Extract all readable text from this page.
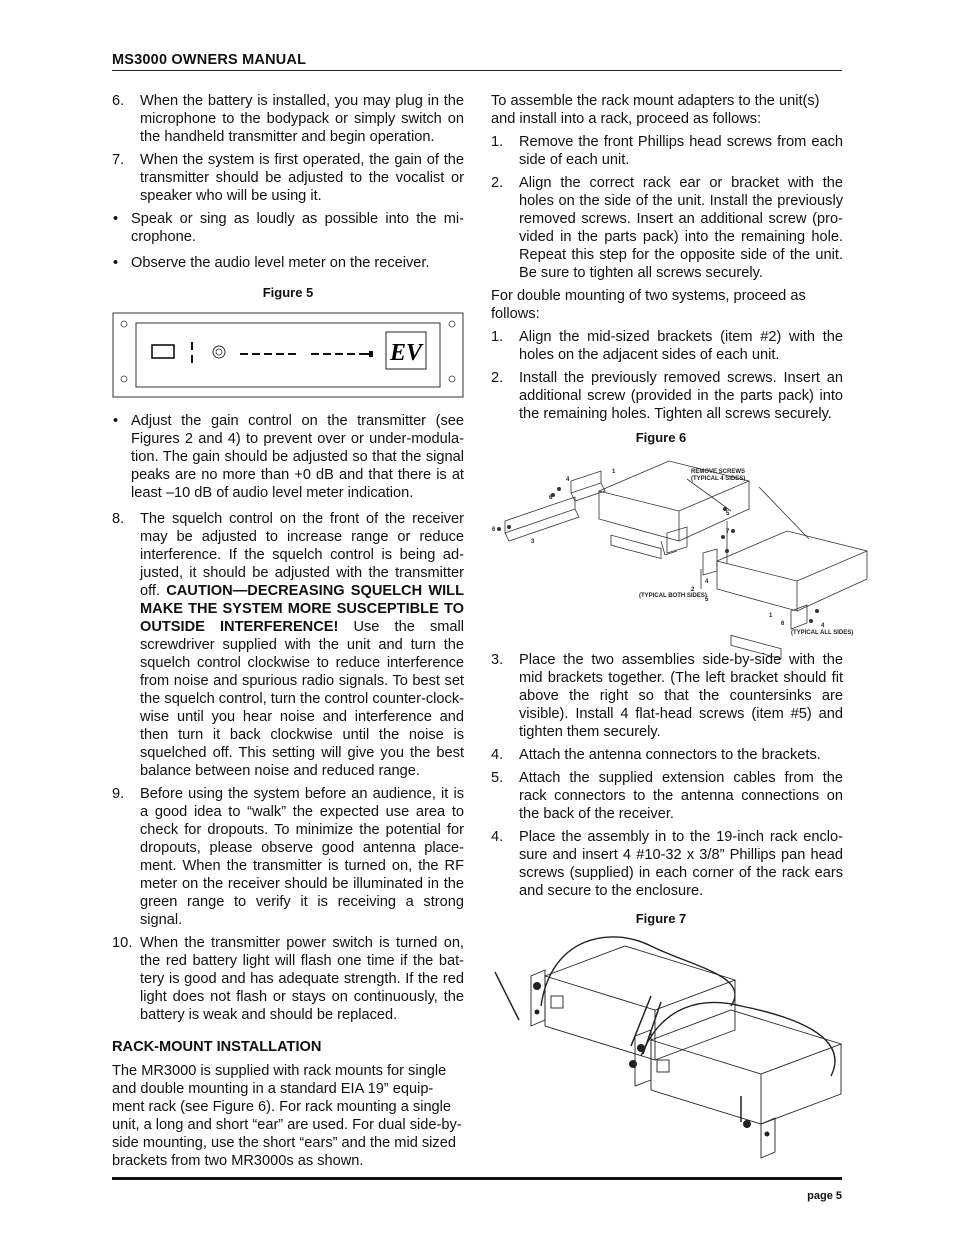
MS3000 OWNERS MANUAL
6. When the battery is installed, you may plug in the microphone to the bodypack or simply switch on the handheld transmitter and begin operation.
7. When the system is first operated, the gain of the transmitter should be adjusted to the vocalist or speaker who will be using it.
• Speak or sing as loudly as possible into the mi-crophone.
• Observe the audio level meter on the receiver.
Figure 5
EV
• Adjust the gain control on the transmitter (see Figures 2 and 4) to prevent over or under-modula-tion. The gain should be adjusted so that the signal peaks are no more than +0 dB and that there is at least –10 dB of audio level meter indication.
8. The squelch control on the front of the receiver may be adjusted to increase range or reduce interference. If the squelch control is being ad-justed, it should be adjusted with the transmitter off. CAUTION—DECREASING SQUELCH WILL MAKE THE SYSTEM MORE SUSCEPTIBLE TO OUTSIDE INTERFERENCE! Use the small screwdriver supplied with the unit and turn the squelch control clockwise to reduce interference from noise and spurious radio signals. To best set the squelch control, turn the control counter-clock-wise until you hear noise and interference and then turn it back clockwise until the noise is squelched off. This setting will give you the best balance between noise and reduced range.
9. Before using the system before an audience, it is a good idea to “walk” the expected use area to check for dropouts. To minimize the potential for dropouts, please observe good antenna place-ment. When the transmitter is turned on, the RF meter on the receiver should be illuminated in the green range to verify it is receiving a strong signal.
10. When the transmitter power switch is turned on, the red battery light will flash one time if the bat-tery is good and has adequate strength. If the red light does not flash or stays on continuously, the battery is weak and should be replaced.
RACK-MOUNT INSTALLATION
The MR3000 is supplied with rack mounts for single and double mounting in a standard EIA 19” equip-ment rack (see Figure 6). For rack mounting a single unit, a long and short “ear” are used. For dual side-by-side mounting, use the short “ears” and the mid sized brackets from two MR3000s as shown.
To assemble the rack mount adapters to the unit(s) and install into a rack, proceed as follows:
1. Remove the front Phillips head screws from each side of each unit.
2. Align the correct rack ear or bracket with the holes on the side of the unit. Install the previously removed screws. Insert an additional screw (pro-vided in the parts pack) into the remaining hole. Repeat this step for the opposite side of the unit. Be sure to tighten all screws securely.
For double mounting of two systems, proceed as follows:
1. Align the mid-sized brackets (item #2) with the holes on the adjacent sides of each unit.
2. Install the previously removed screws. Insert an additional screw (provided in the parts pack) into the remaining holes. Tighten all screws securely.
Figure 6
REMOVE SCREWS
(TYPICAL 4 SIDES)
(TYPICAL BOTH SIDES)
(TYPICAL ALL SIDES)
1
4
6
6
3
5
7
2
4
5
1
6	4
3. Place the two assemblies side-by-side with the mid brackets together. (The left bracket should fit above the right so that the countersinks are visible). Install 4 flat-head screws (item #5) and tighten them securely.
4. Attach the antenna connectors to the brackets.
5. Attach the supplied extension cables from the rack connectors to the antenna connections on the back of the receiver.
4. Place the assembly in to the 19-inch rack enclo-sure and insert 4 #10-32 x 3/8” Phillips pan head screws (supplied) in each corner of the rack ears and secure to the enclosure.
Figure 7
page 5
